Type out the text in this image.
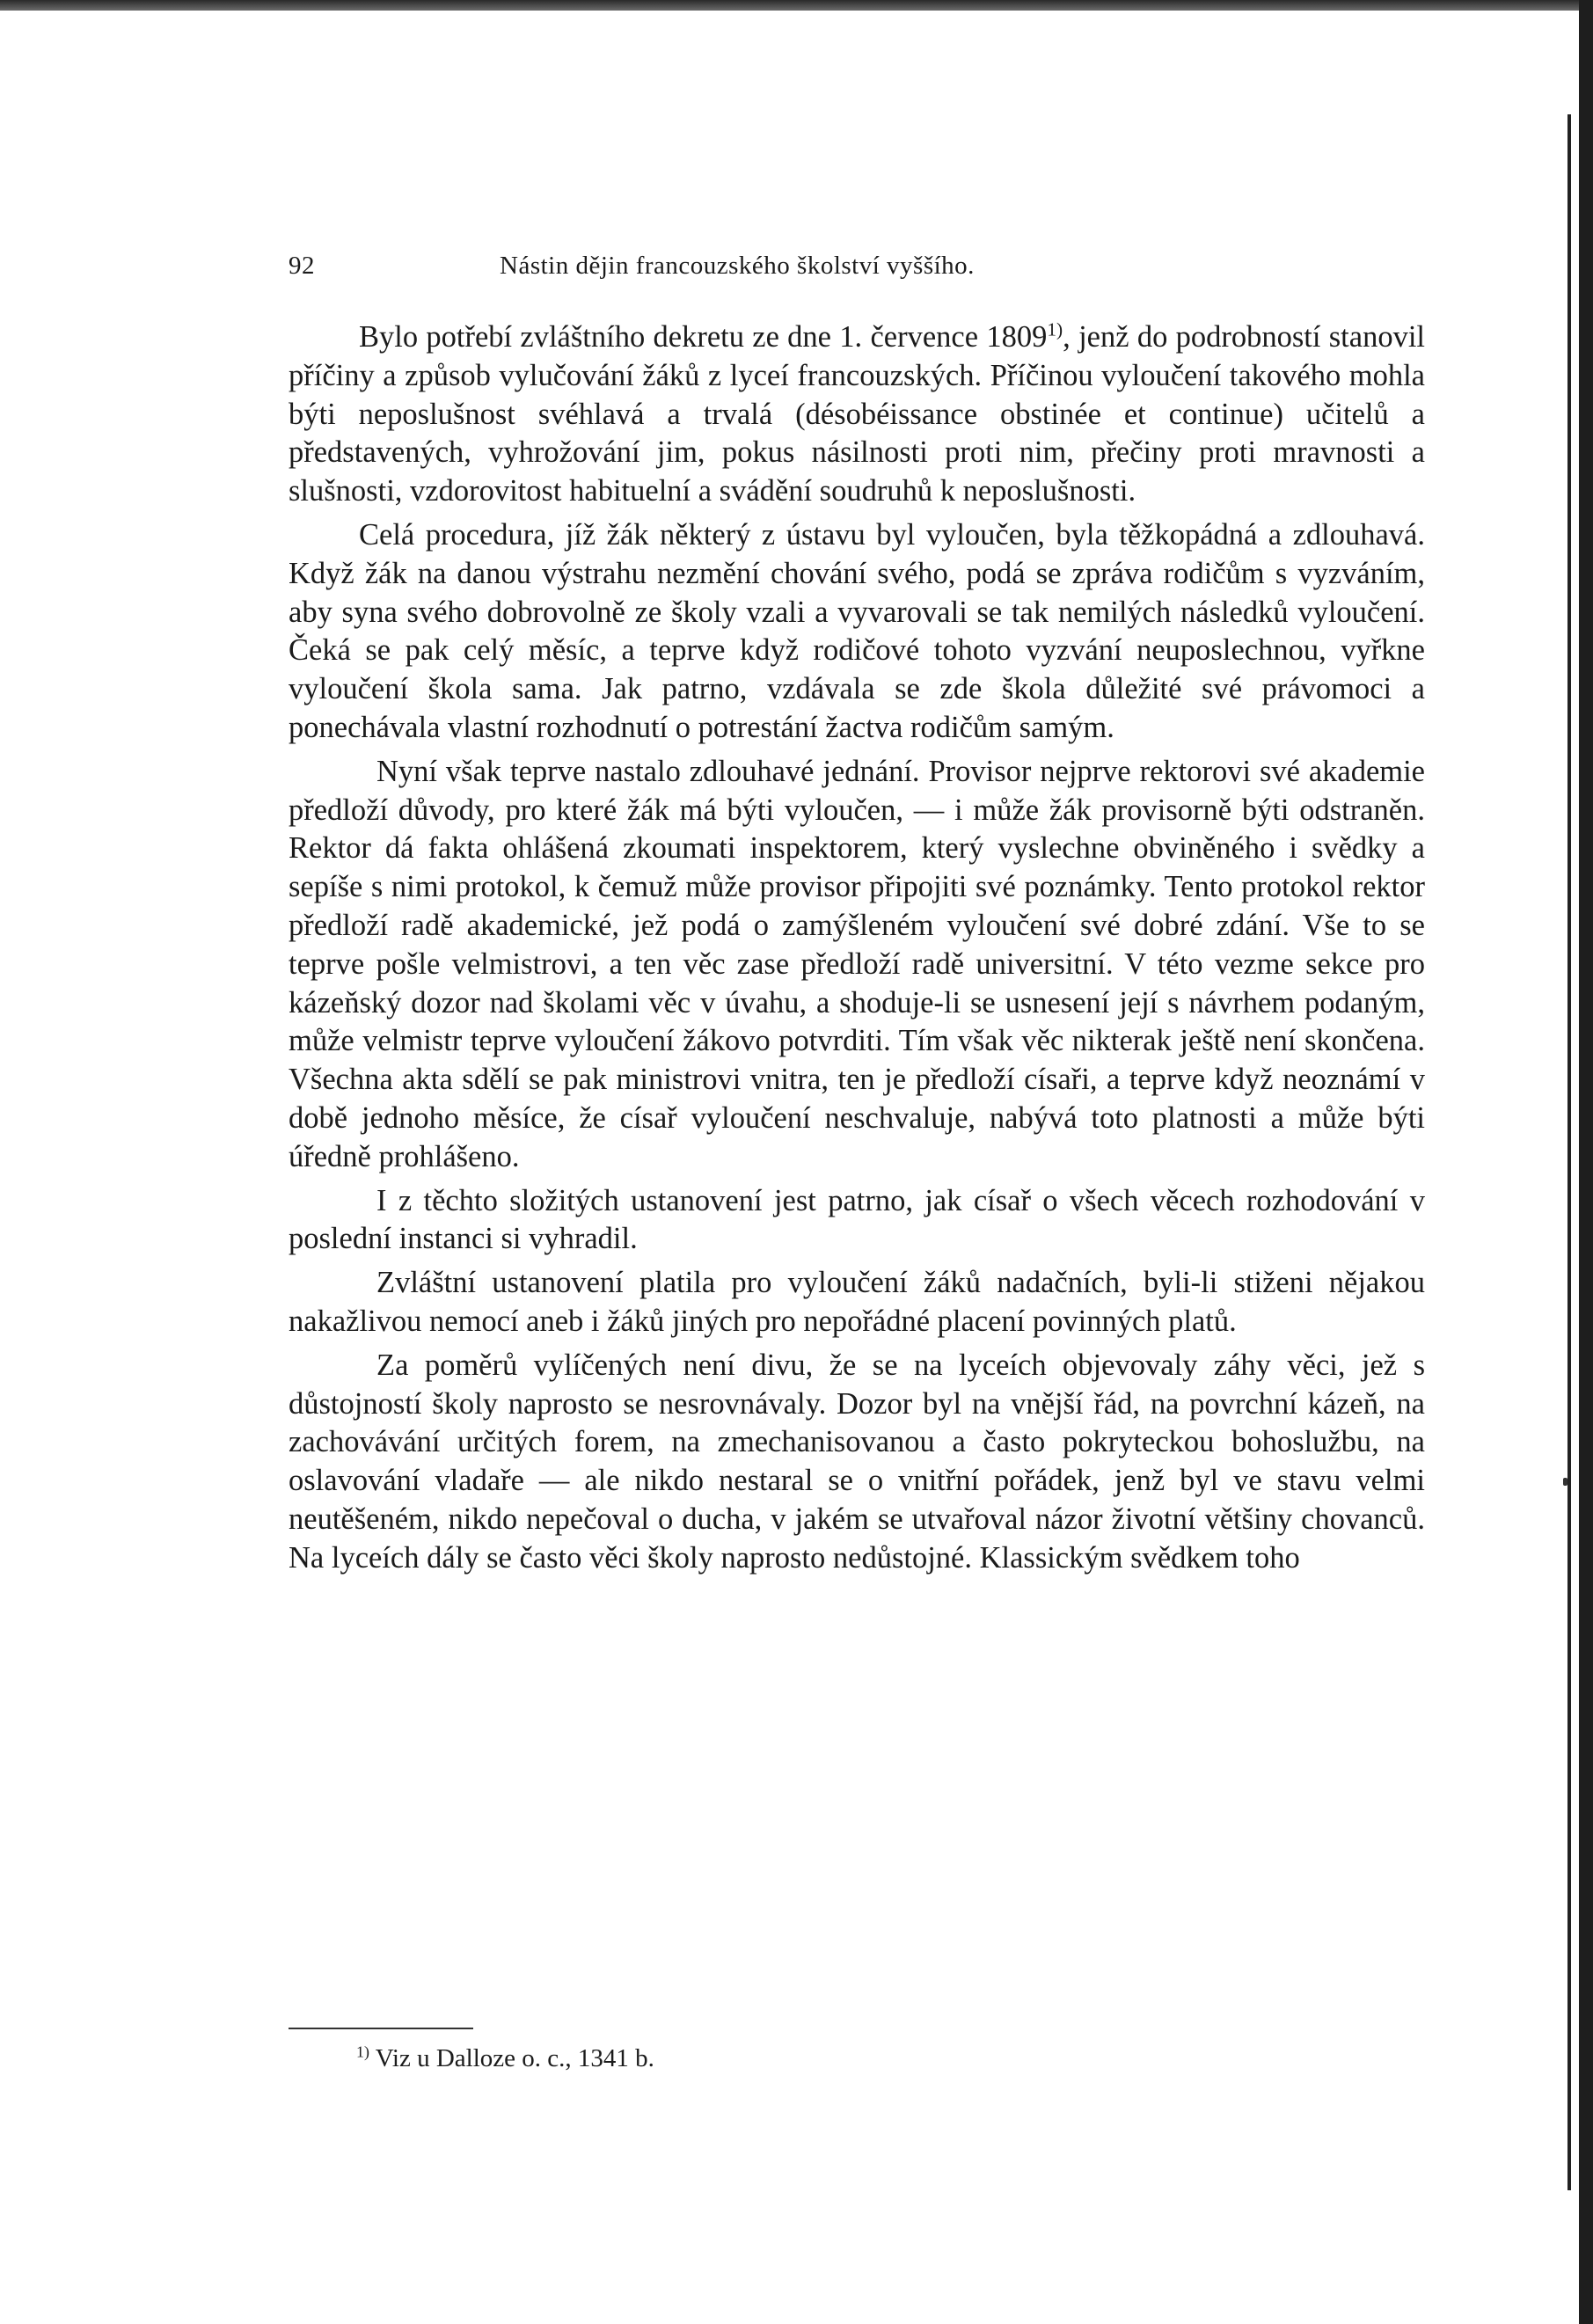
92	Nástin dějin francouzského školství vyššího.

Bylo potřebí zvláštního dekretu ze dne 1. července 1809$^{1)}$, jenž do podrobností stanovil příčiny a způsob vylučování žáků z lyceí francouzských. Příčinou vyloučení takového mohla býti neposlušnost svéhlavá a trvalá (désobéissance obstinée et continue) učitelů a představených, vyhrožování jim, pokus násilnosti proti nim, přečiny proti mravnosti a slušnosti, vzdorovitost habituelní a svádění soudruhů k neposlušnosti.

Celá procedura, jíž žák některý z ústavu byl vyloučen, byla těžkopádná a zdlouhavá. Když žák na danou výstrahu nezmění chování svého, podá se zpráva rodičům s vyzváním, aby syna svého dobrovolně ze školy vzali a vyvarovali se tak nemilých následků vyloučení. Čeká se pak celý měsíc, a teprve když rodičové tohoto vyzvání neuposlechnou, vyřkne vyloučení škola sama. Jak patrno, vzdávala se zde škola důležité své právomoci a ponechávala vlastní rozhodnutí o potrestání žactva rodičům samým.

Nyní však teprve nastalo zdlouhavé jednání. Provisor nejprve rektorovi své akademie předloží důvody, pro které žák má býti vyloučen, — i může žák provisorně býti odstraněn. Rektor dá fakta ohlášená zkoumati inspektorem, který vyslechne obviněného i svědky a sepíše s nimi protokol, k čemuž může provisor připojiti své poznámky. Tento protokol rektor předloží radě akademické, jež podá o zamýšleném vyloučení své dobré zdání. Vše to se teprve pošle velmistrovi, a ten věc zase předloží radě universitní. V této vezme sekce pro kázeňský dozor nad školami věc v úvahu, a shoduje-li se usnesení její s návrhem podaným, může velmistr teprve vyloučení žákovo potvrditi. Tím však věc nikterak ještě není skončena. Všechna akta sdělí se pak ministrovi vnitra, ten je předloží císaři, a teprve když neoznámí v době jednoho měsíce, že císař vyloučení neschvaluje, nabývá toto platnosti a může býti úředně prohlášeno.

I z těchto složitých ustanovení jest patrno, jak císař o všech věcech rozhodování v poslední instanci si vyhradil.

Zvláštní ustanovení platila pro vyloučení žáků nadačních, byli-li stiženi nějakou nakažlivou nemocí aneb i žáků jiných pro nepořádné placení povinných platů.

Za poměrů vylíčených není divu, že se na lyceích objevovaly záhy věci, jež s důstojností školy naprosto se nesrovnávaly. Dozor byl na vnější řád, na povrchní kázeň, na zachovávání určitých forem, na zmechanisovanou a často pokryteckou bohoslužbu, na oslavování vladaře — ale nikdo nestaral se o vnitřní pořádek, jenž byl ve stavu velmi neutěšeném, nikdo nepečoval o ducha, v jakém se utvařoval názor životní většiny chovanců. Na lyceích dály se často věci školy naprosto nedůstojné. Klassickým svědkem toho

$^{1)}$ Viz u Dalloze o. c., 1341 b.
